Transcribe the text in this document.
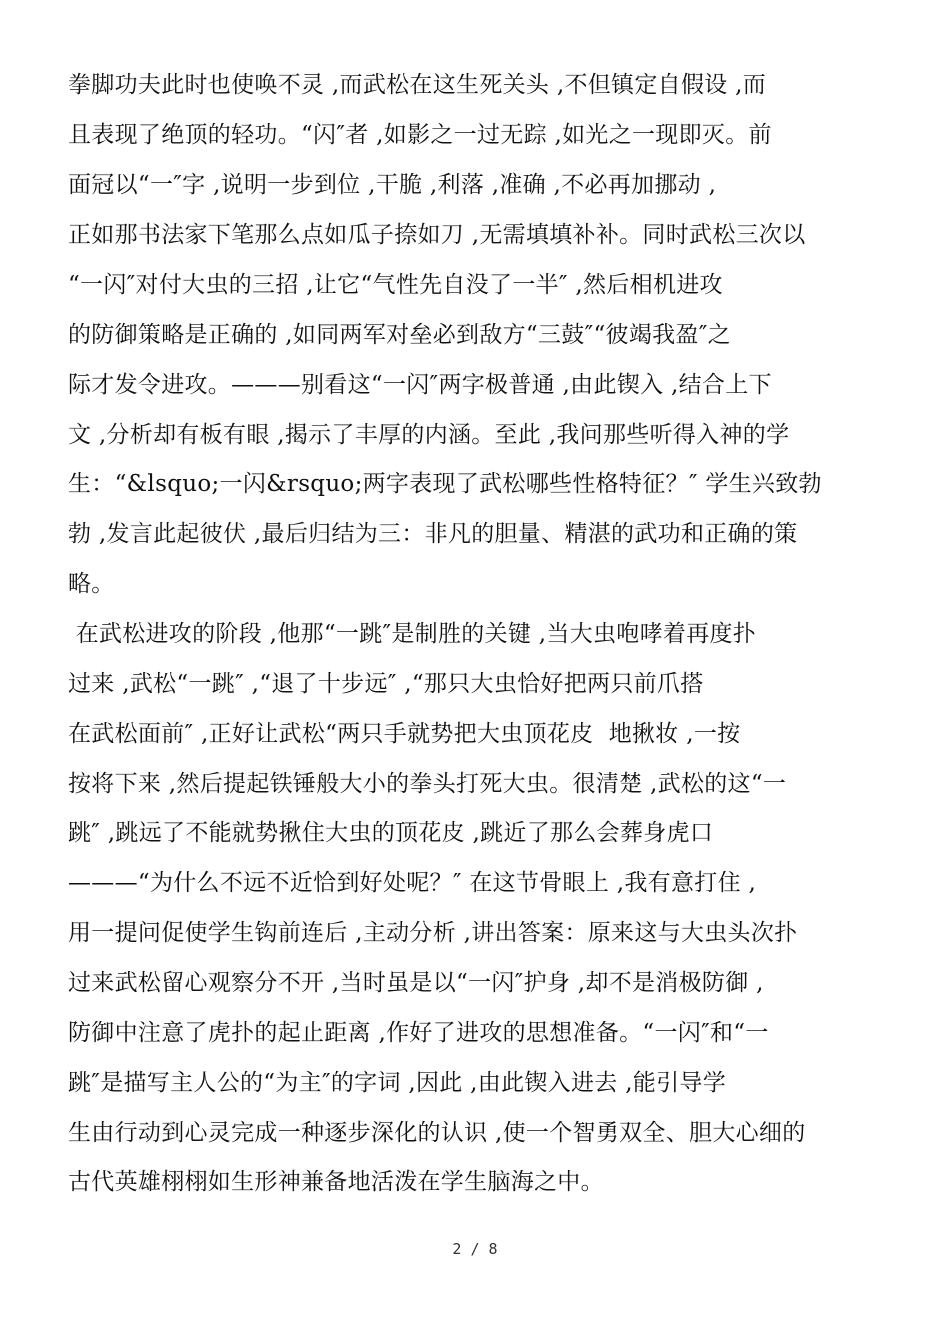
拳脚功夫此时也使唤不灵 ,而武松在这生死关头 ,不但镇定自假设 ,而
且表现了绝顶的轻功。“闪″者 ,如影之一过无踪 ,如光之一现即灭。前
面冠以“一″字 ,说明一步到位 ,干脆 ,利落 ,准确 ,不必再加挪动 ,
正如那书法家下笔那么点如瓜子捺如刀 ,无需填填补补。同时武松三次以
“一闪″对付大虫的三招 ,让它“气性先自没了一半″ ,然后相机进攻
的防御策略是正确的 ,如同两军对垒必到敌方“三鼓″“彼竭我盈″之
际才发令进攻。———别看这“一闪″两字极普通 ,由此锲入 ,结合上下
文 ,分析却有板有眼 ,揭示了丰厚的内涵。至此 ,我问那些听得入神的学
生：“&lsquo;一闪&rsquo;两字表现了武松哪些性格特征？″ 学生兴致勃
勃 ,发言此起彼伏 ,最后归结为三：非凡的胆量、精湛的武功和正确的策
略。
在武松进攻的阶段 ,他那“一跳″是制胜的关键 ,当大虫咆哮着再度扑
过来 ,武松“一跳″ ,“退了十步远″ ,“那只大虫恰好把两只前爪搭
在武松面前″ ,正好让武松“两只手就势把大虫顶花皮  地揪妆 ,一按
按将下来 ,然后提起铁锤般大小的拳头打死大虫。很清楚 ,武松的这“一
跳″ ,跳远了不能就势揪住大虫的顶花皮 ,跳近了那么会葬身虎口
———“为什么不远不近恰到好处呢？″ 在这节骨眼上 ,我有意打住 ,
用一提问促使学生钩前连后 ,主动分析 ,讲出答案：原来这与大虫头次扑
过来武松留心观察分不开 ,当时虽是以“一闪″护身 ,却不是消极防御 ,
防御中注意了虎扑的起止距离 ,作好了进攻的思想准备。“一闪″和“一
跳″是描写主人公的“为主″的字词 ,因此 ,由此锲入进去 ,能引导学
生由行动到心灵完成一种逐步深化的认识 ,使一个智勇双全、胆大心细的
古代英雄栩栩如生形神兼备地活泼在学生脑海之中。
2 / 8
